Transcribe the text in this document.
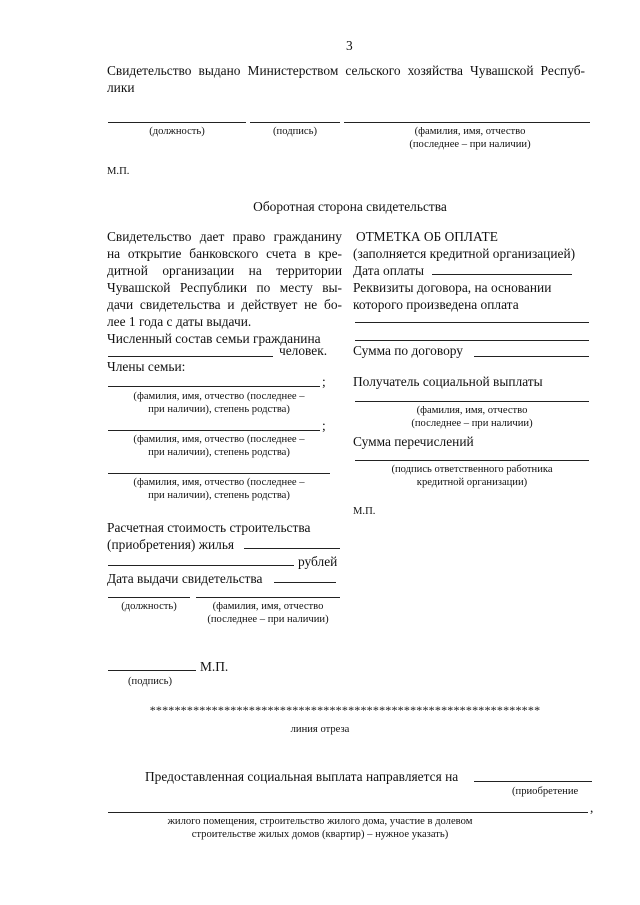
3
Свидетельство выдано Министерством сельского хозяйства Чувашской Респуб-
лики
(должность)	(подпись)	(фамилия, имя, отчество
(последнее – при наличии)
М.П.
Оборотная сторона свидетельства
Свидетельство дает право гражданину
на открытие банковского счета в кре-
дитной организации на территории
Чувашской Республики по месту вы-
дачи свидетельства и действует не бо-
лее 1 года с даты выдачи.
Численный состав семьи гражданина
человек.
Члены семьи:
;
(фамилия, имя, отчество (последнее –
при наличии), степень родства)
;
(фамилия, имя, отчество (последнее –
при наличии), степень родства)
(фамилия, имя, отчество (последнее –
при наличии), степень родства)
Расчетная стоимость строительства
(приобретения) жилья
рублей
Дата выдачи свидетельства
(должность)	(фамилия, имя, отчество
(последнее – при наличии)
М.П.
(подпись)
ОТМЕТКА ОБ ОПЛАТЕ
(заполняется кредитной организацией)
Дата оплаты
Реквизиты договора, на основании
которого произведена оплата
Сумма по договору
Получатель социальной выплаты
(фамилия, имя, отчество
(последнее – при наличии)
Сумма перечислений
(подпись ответственного работника
кредитной организации)
М.П.
***************************************************************
линия отреза
Предоставленная социальная выплата направляется на
(приобретение
,
жилого помещения, строительство жилого дома, участие в долевом
строительстве жилых домов (квартир) – нужное указать)
